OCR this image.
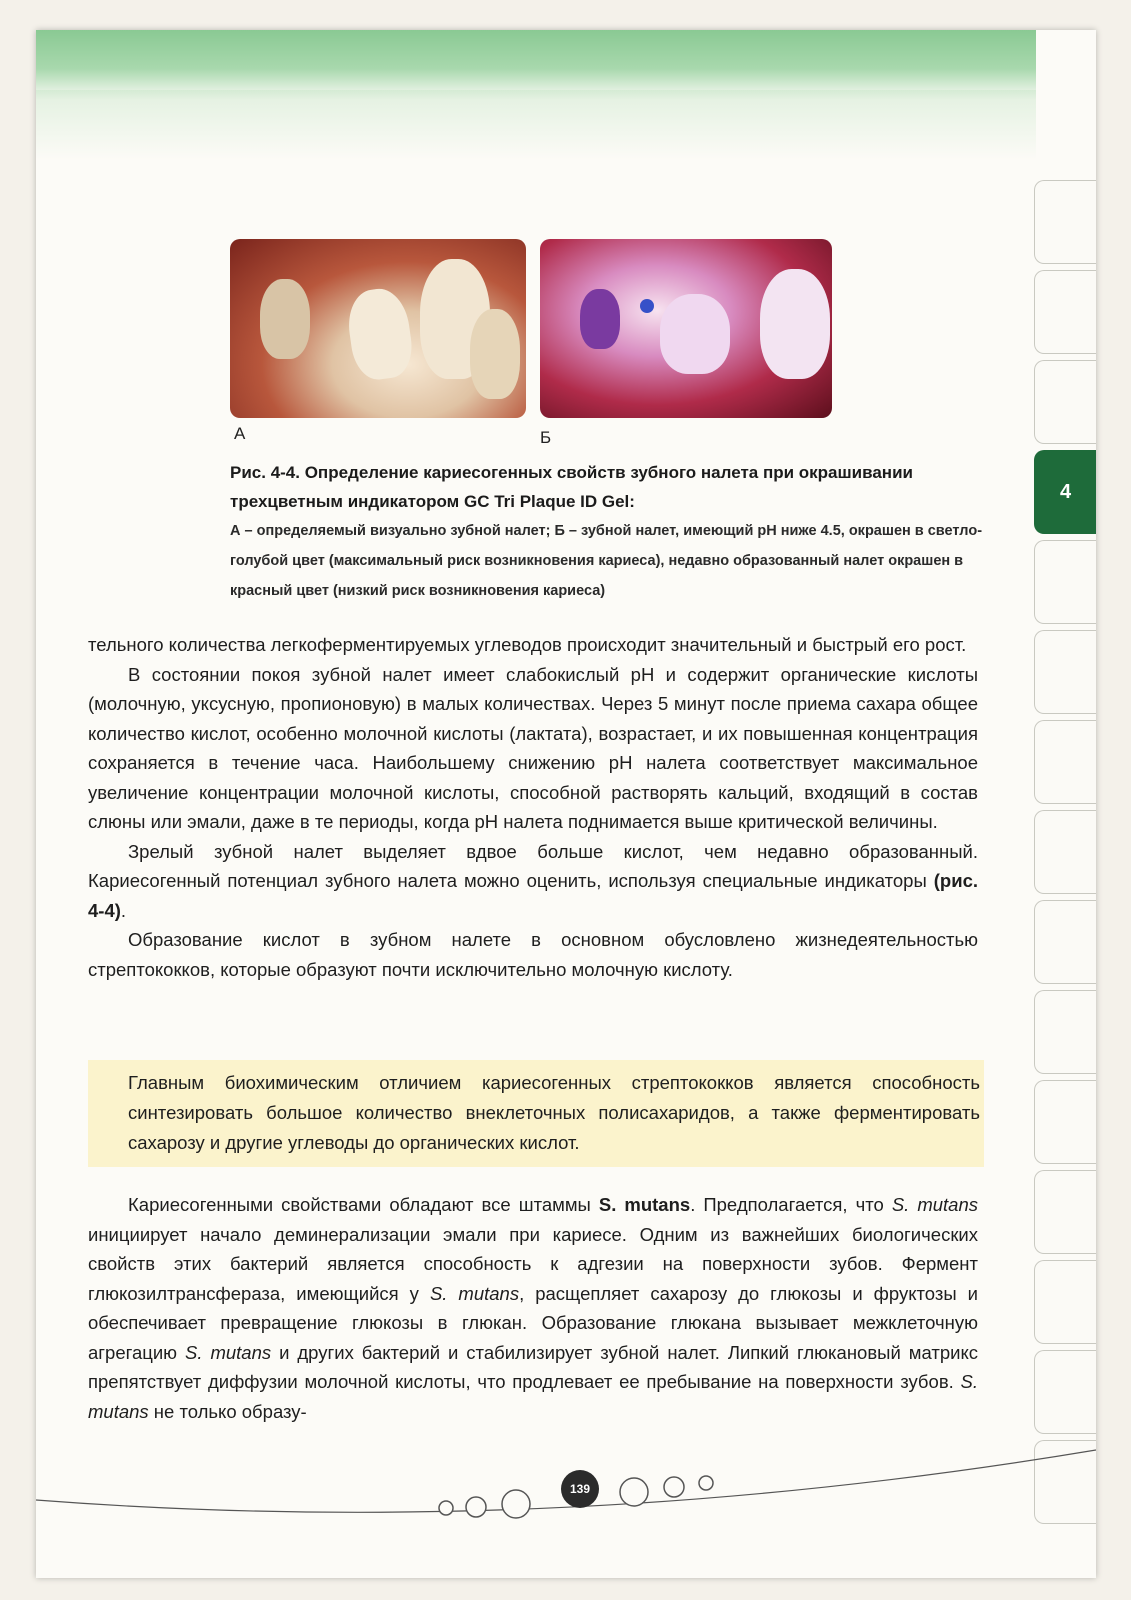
4
А	Б

Рис. 4-4. Определение кариесогенных свойств зубного налета при окрашивании трехцветным индикатором GC Tri Plaque ID Gel:

А – определяемый визуально зубной налет; Б – зубной налет, имеющий pH ниже 4.5, окрашен в светло-голубой цвет (максимальный риск возникновения кариеса), недавно образованный налет окрашен в красный цвет (низкий риск возникновения кариеса)

тельного количества легкоферментируемых углеводов происходит значительный и быстрый его рост.

В состоянии покоя зубной налет имеет слабокислый pH и содержит органические кислоты (молочную, уксусную, пропионовую) в малых количествах. Через 5 минут после приема сахара общее количество кислот, особенно молочной кислоты (лактата), возрастает, и их повышенная концентрация сохраняется в течение часа. Наибольшему снижению pH налета соответствует максимальное увеличение концентрации молочной кислоты, способной растворять кальций, входящий в состав слюны или эмали, даже в те периоды, когда pH налета поднимается выше критической величины.

Зрелый зубной налет выделяет вдвое больше кислот, чем недавно образованный. Кариесогенный потенциал зубного налета можно оценить, используя специальные индикаторы (рис. 4-4).

Образование кислот в зубном налете в основном обусловлено жизнедеятельностью стрептококков, которые образуют почти исключительно молочную кислоту.

Главным биохимическим отличием кариесогенных стрептококков является способность синтезировать большое количество внеклеточных полисахаридов, а также ферментировать сахарозу и другие углеводы до органических кислот.

Кариесогенными свойствами обладают все штаммы S. mutans. Предполагается, что S. mutans инициирует начало деминерализации эмали при кариесе. Одним из важнейших биологических свойств этих бактерий является способность к адгезии на поверхности зубов. Фермент глюкозилтрансфераза, имеющийся у S. mutans, расщепляет сахарозу до глюкозы и фруктозы и обеспечивает превращение глюкозы в глюкан. Образование глюкана вызывает межклеточную агрегацию S. mutans и других бактерий и стабилизирует зубной налет. Липкий глюкановый матрикс препятствует диффузии молочной кислоты, что продлевает ее пребывание на поверхности зубов. S. mutans не только образу-

139
